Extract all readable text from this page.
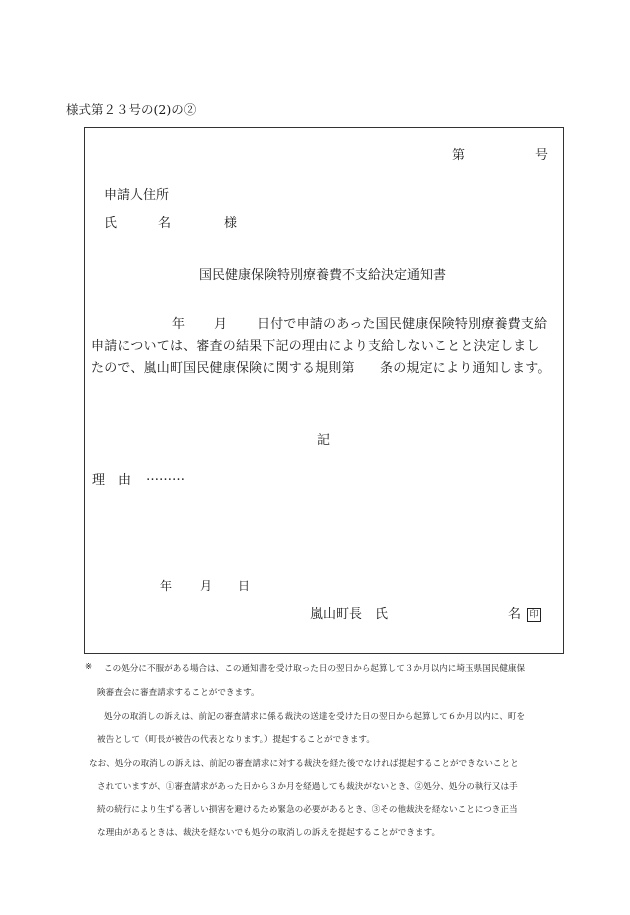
様式第２３号の(2)の②
第	号
申請人住所
氏	名	様
国民健康保険特別療養費不支給決定通知書
年 月 日付で申請のあった国民健康保険特別療養費支給
申請については、審査の結果下記の理由により支給しないことと決定しまし
たので、嵐山町国民健康保険に関する規則第 条の規定により通知します。
記
理 由 ………
年 月 日
嵐山町長　氏	名 印
※ この処分に不服がある場合は、この通知書を受け取った日の翌日から起算して３か月以内に埼玉県国民健康保
険審査会に審査請求することができます。
処分の取消しの訴えは、前記の審査請求に係る裁決の送達を受けた日の翌日から起算して６か月以内に、町を
被告として（町長が被告の代表となります。）提起することができます。
なお、処分の取消しの訴えは、前記の審査請求に対する裁決を経た後でなければ提起することができないことと
されていますが、①審査請求があった日から３か月を経過しても裁決がないとき、②処分、処分の執行又は手
続の続行により生ずる著しい損害を避けるため緊急の必要があるとき、③その他裁決を経ないことにつき正当
な理由があるときは、裁決を経ないでも処分の取消しの訴えを提起することができます。
